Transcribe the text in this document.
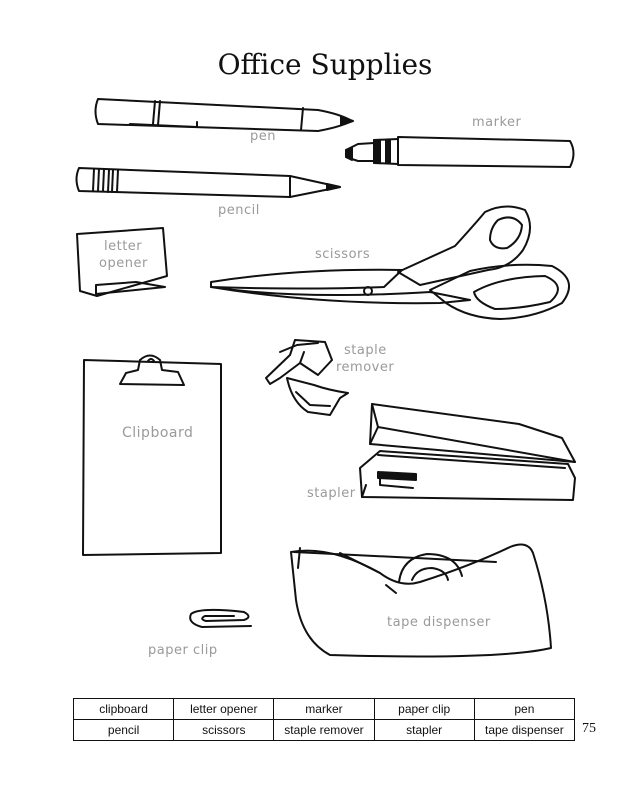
Office Supplies
pen
marker
pencil
letter
opener
scissors
staple
remover
Clipboard
stapler
tape dispenser
paper clip
clipboard	letter opener	marker	paper clip	pen
pencil	scissors	staple remover	stapler	tape dispenser 75
